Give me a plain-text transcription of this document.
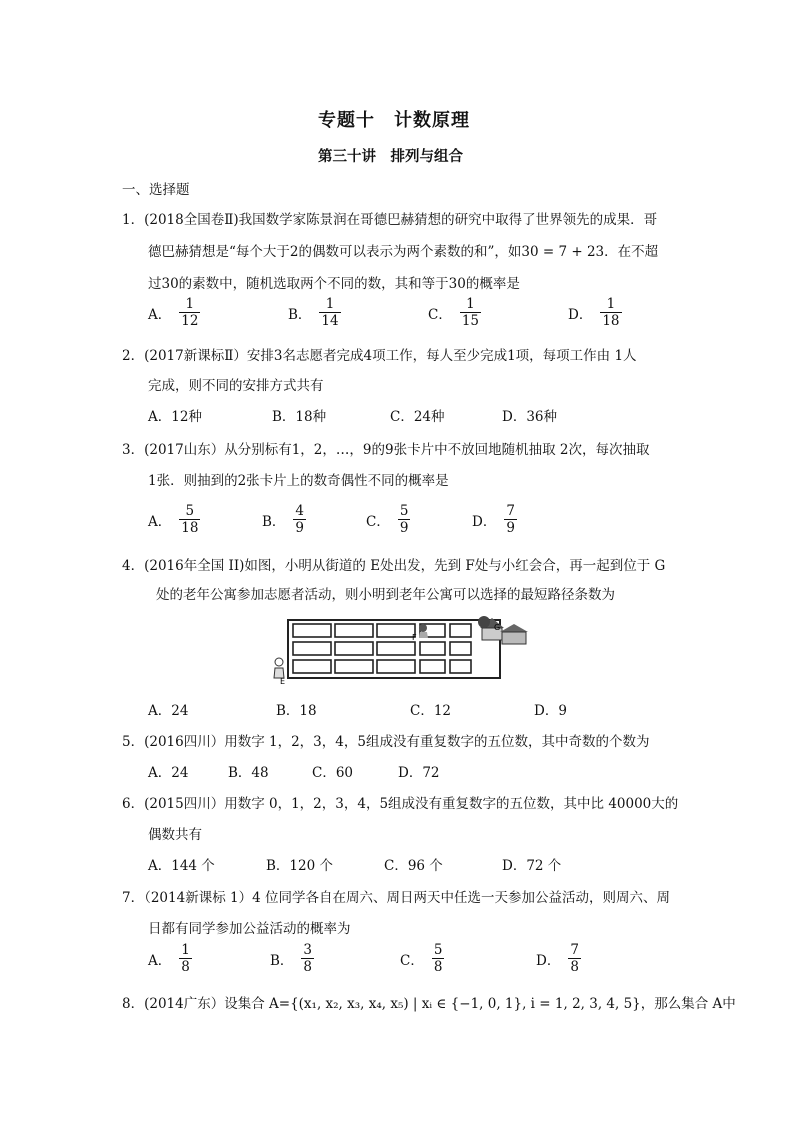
专题十　计数原理
第三十讲　排列与组合
一、选择题
1．(2018全国卷Ⅱ)我国数学家陈景润在哥德巴赫猜想的研究中取得了世界领先的成果．哥
德巴赫猜想是“每个大于2的偶数可以表示为两个素数的和”，如30 = 7 + 23．在不超
过30的素数中，随机选取两个不同的数，其和等于30的概率是
A． $\frac{1}{12}$	B． $\frac{1}{14}$	C． $\frac{1}{15}$	D． $\frac{1}{18}$
2．(2017新课标Ⅱ）安排3名志愿者完成4项工作，每人至少完成1项，每项工作由 1人
完成，则不同的安排方式共有
A．12种	B．18种	C．24种	D．36种
3．(2017山东）从分别标有1，2，…，9的9张卡片中不放回地随机抽取 2次，每次抽取
1张．则抽到的2张卡片上的数奇偶性不同的概率是
A． $\frac{5}{18}$	B． $\frac{4}{9}$	C． $\frac{5}{9}$	D． $\frac{7}{9}$
4．(2016年全国 II)如图，小明从街道的 E处出发，先到 F处与小红会合，再一起到位于 G
处的老年公寓参加志愿者活动，则小明到老年公寓可以选择的最短路径条数为
E
F
G
A．24	B．18	C．12	D．9
5．(2016四川）用数字 1，2，3，4，5组成没有重复数字的五位数，其中奇数的个数为
A．24	B．48	C．60	D．72
6．(2015四川）用数字 0，1，2，3，4，5组成没有重复数字的五位数，其中比 40000大的
偶数共有
A．144 个	B．120 个	C．96 个	D．72 个
7．（2014新课标 1）4 位同学各自在周六、周日两天中任选一天参加公益活动，则周六、周
日都有同学参加公益活动的概率为
A． $\frac{1}{8}$	B． $\frac{3}{8}$	C． $\frac{5}{8}$	D． $\frac{7}{8}$
8．(2014广东）设集合 A={(x₁, x₂, x₃, x₄, x₅) | xᵢ ∈ {−1, 0, 1}, i = 1, 2, 3, 4, 5}，那么集合 A中
